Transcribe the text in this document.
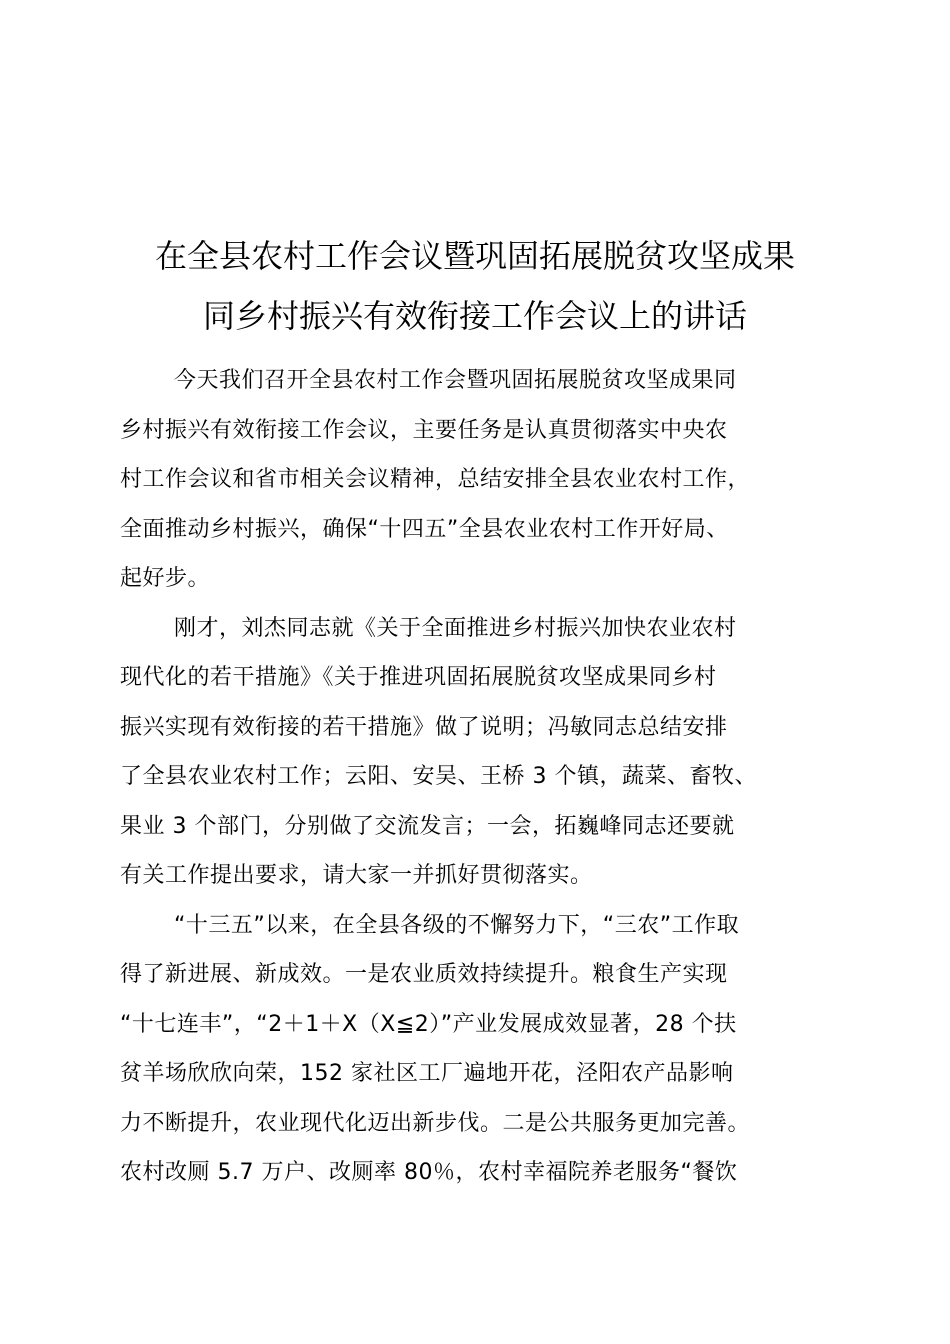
在全县农村工作会议暨巩固拓展脱贫攻坚成果
同乡村振兴有效衔接工作会议上的讲话
今天我们召开全县农村工作会暨巩固拓展脱贫攻坚成果同
乡村振兴有效衔接工作会议，主要任务是认真贯彻落实中央农
村工作会议和省市相关会议精神，总结安排全县农业农村工作，
全面推动乡村振兴，确保“十四五”全县农业农村工作开好局、
起好步。
刚才，刘杰同志就《关于全面推进乡村振兴加快农业农村
现代化的若干措施》《关于推进巩固拓展脱贫攻坚成果同乡村
振兴实现有效衔接的若干措施》做了说明；冯敏同志总结安排
了全县农业农村工作；云阳、安吴、王桥 3 个镇，蔬菜、畜牧、
果业 3 个部门，分别做了交流发言；一会，拓巍峰同志还要就
有关工作提出要求，请大家一并抓好贯彻落实。
“十三五”以来，在全县各级的不懈努力下，“三农”工作取
得了新进展、新成效。一是农业质效持续提升。粮食生产实现
“十七连丰”，“2＋1＋X（X≦2）”产业发展成效显著，28 个扶
贫羊场欣欣向荣，152 家社区工厂遍地开花，泾阳农产品影响
力不断提升，农业现代化迈出新步伐。二是公共服务更加完善。
农村改厕 5.7 万户、改厕率 80％，农村幸福院养老服务“餐饮
